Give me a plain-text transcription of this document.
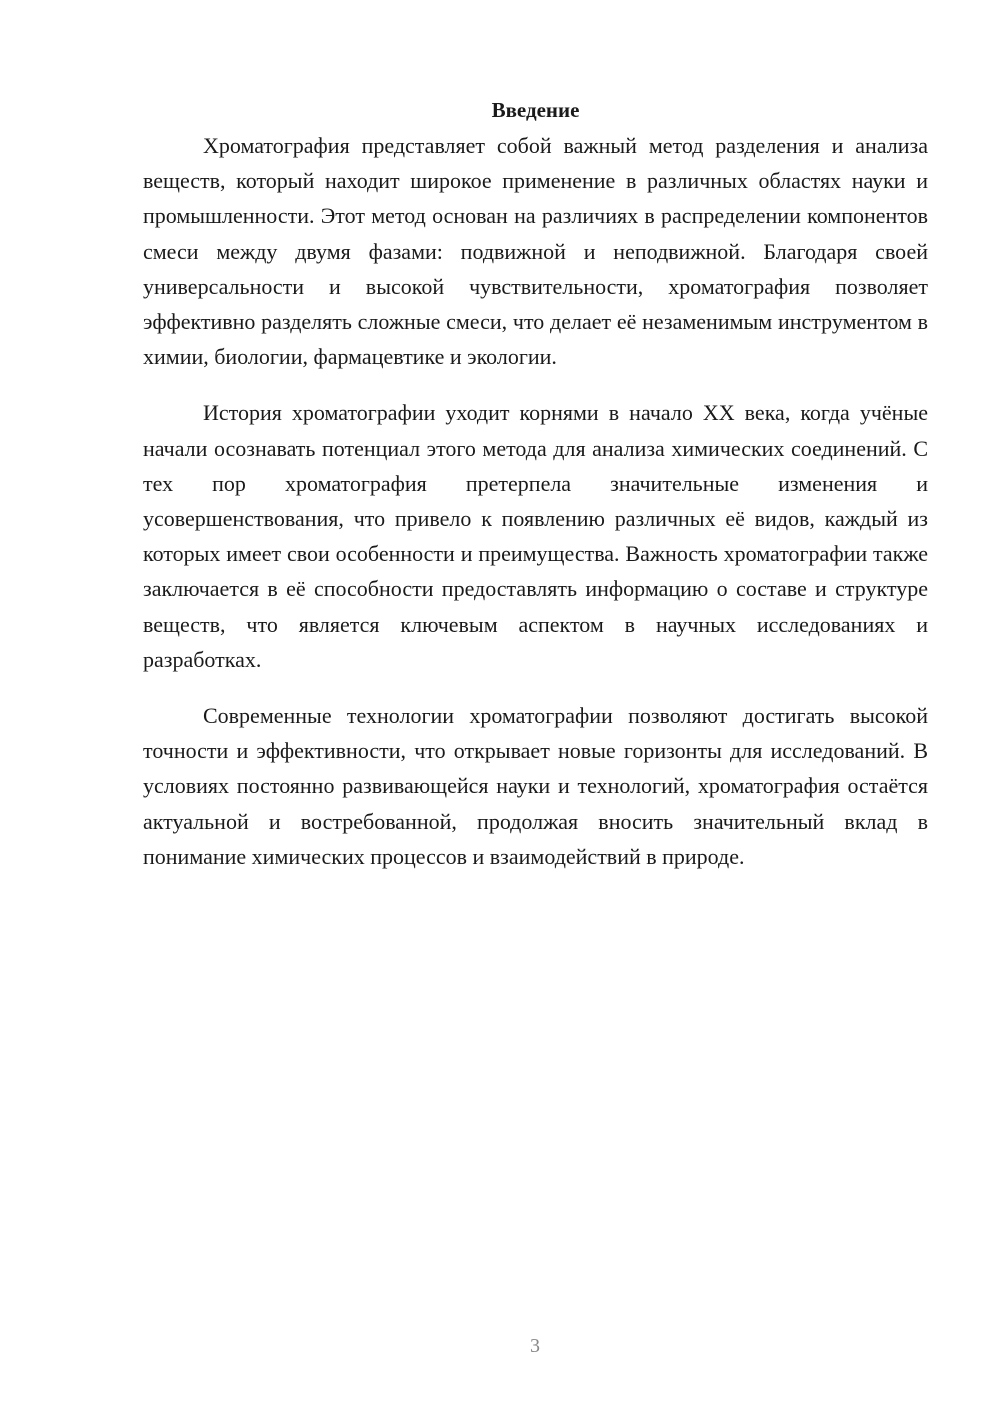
Введение

Хроматография представляет собой важный метод разделения и анализа веществ, который находит широкое применение в различных областях науки и промышленности. Этот метод основан на различиях в распределении компонентов смеси между двумя фазами: подвижной и неподвижной. Благодаря своей универсальности и высокой чувствительности, хроматография позволяет эффективно разделять сложные смеси, что делает её незаменимым инструментом в химии, биологии, фармацевтике и экологии.

История хроматографии уходит корнями в начало XX века, когда учёные начали осознавать потенциал этого метода для анализа химических соединений. С тех пор хроматография претерпела значительные изменения и усовершенствования, что привело к появлению различных её видов, каждый из которых имеет свои особенности и преимущества. Важность хроматографии также заключается в её способности предоставлять информацию о составе и структуре веществ, что является ключевым аспектом в научных исследованиях и разработках.

Современные технологии хроматографии позволяют достигать высокой точности и эффективности, что открывает новые горизонты для исследований. В условиях постоянно развивающейся науки и технологий, хроматография остаётся актуальной и востребованной, продолжая вносить значительный вклад в понимание химических процессов и взаимодействий в природе.

3
